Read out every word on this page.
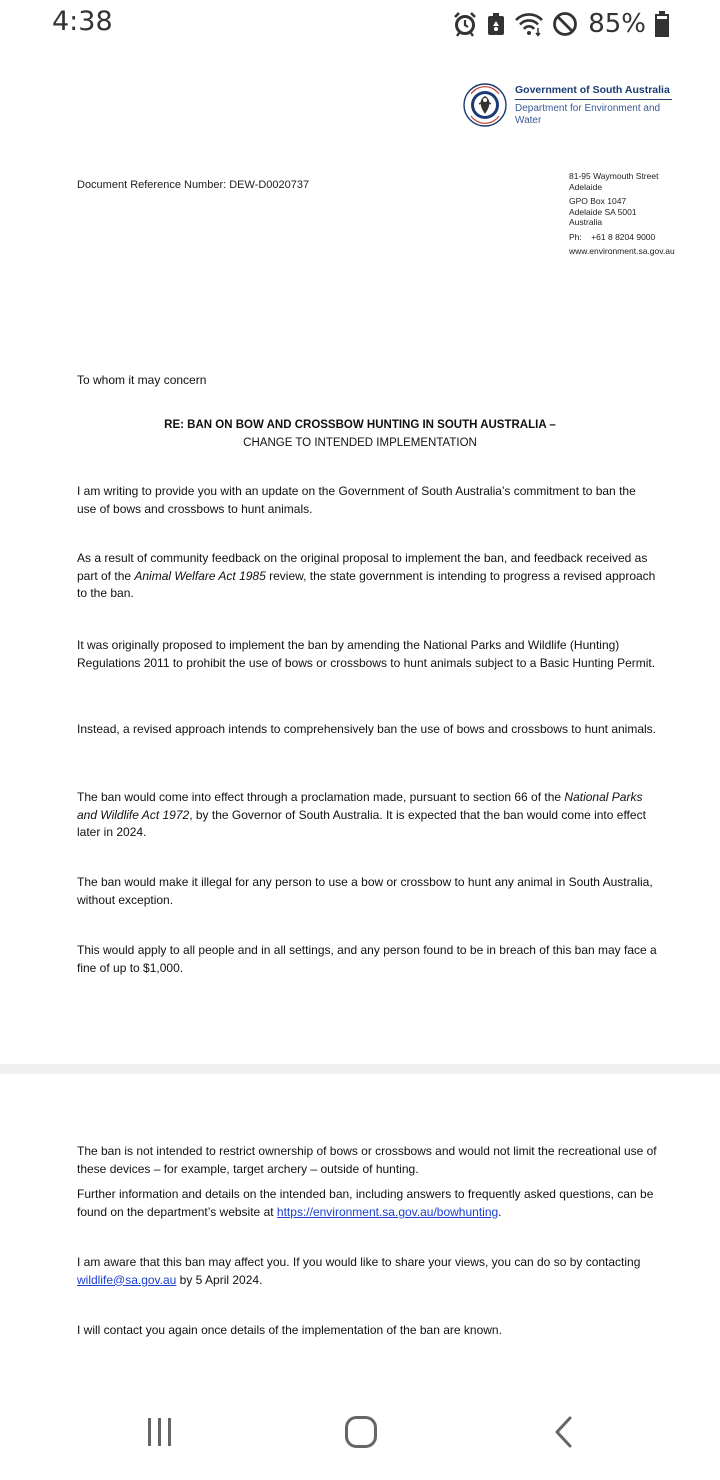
4:38	85%
Government of South Australia
Department for Environment and Water
Document Reference Number: DEW-D0020737
81-95 Waymouth Street
Adelaide
GPO Box 1047
Adelaide SA 5001
Australia
Ph:    +61 8 8204 9000
www.environment.sa.gov.au
To whom it may concern
RE: BAN ON BOW AND CROSSBOW HUNTING IN SOUTH AUSTRALIA –
CHANGE TO INTENDED IMPLEMENTATION
I am writing to provide you with an update on the Government of South Australia’s commitment to ban the use of bows and crossbows to hunt animals.
As a result of community feedback on the original proposal to implement the ban, and feedback received as part of the Animal Welfare Act 1985 review, the state government is intending to progress a revised approach to the ban.
It was originally proposed to implement the ban by amending the National Parks and Wildlife (Hunting) Regulations 2011 to prohibit the use of bows or crossbows to hunt animals subject to a Basic Hunting Permit.
Instead, a revised approach intends to comprehensively ban the use of bows and crossbows to hunt animals.
The ban would come into effect through a proclamation made, pursuant to section 66 of the National Parks and Wildlife Act 1972, by the Governor of South Australia. It is expected that the ban would come into effect later in 2024.
The ban would make it illegal for any person to use a bow or crossbow to hunt any animal in South Australia, without exception.
This would apply to all people and in all settings, and any person found to be in breach of this ban may face a fine of up to $1,000.
The ban is not intended to restrict ownership of bows or crossbows and would not limit the recreational use of these devices – for example, target archery – outside of hunting.
Further information and details on the intended ban, including answers to frequently asked questions, can be found on the department’s website at https://environment.sa.gov.au/bowhunting.
I am aware that this ban may affect you. If you would like to share your views, you can do so by contacting wildlife@sa.gov.au by 5 April 2024.
I will contact you again once details of the implementation of the ban are known.
